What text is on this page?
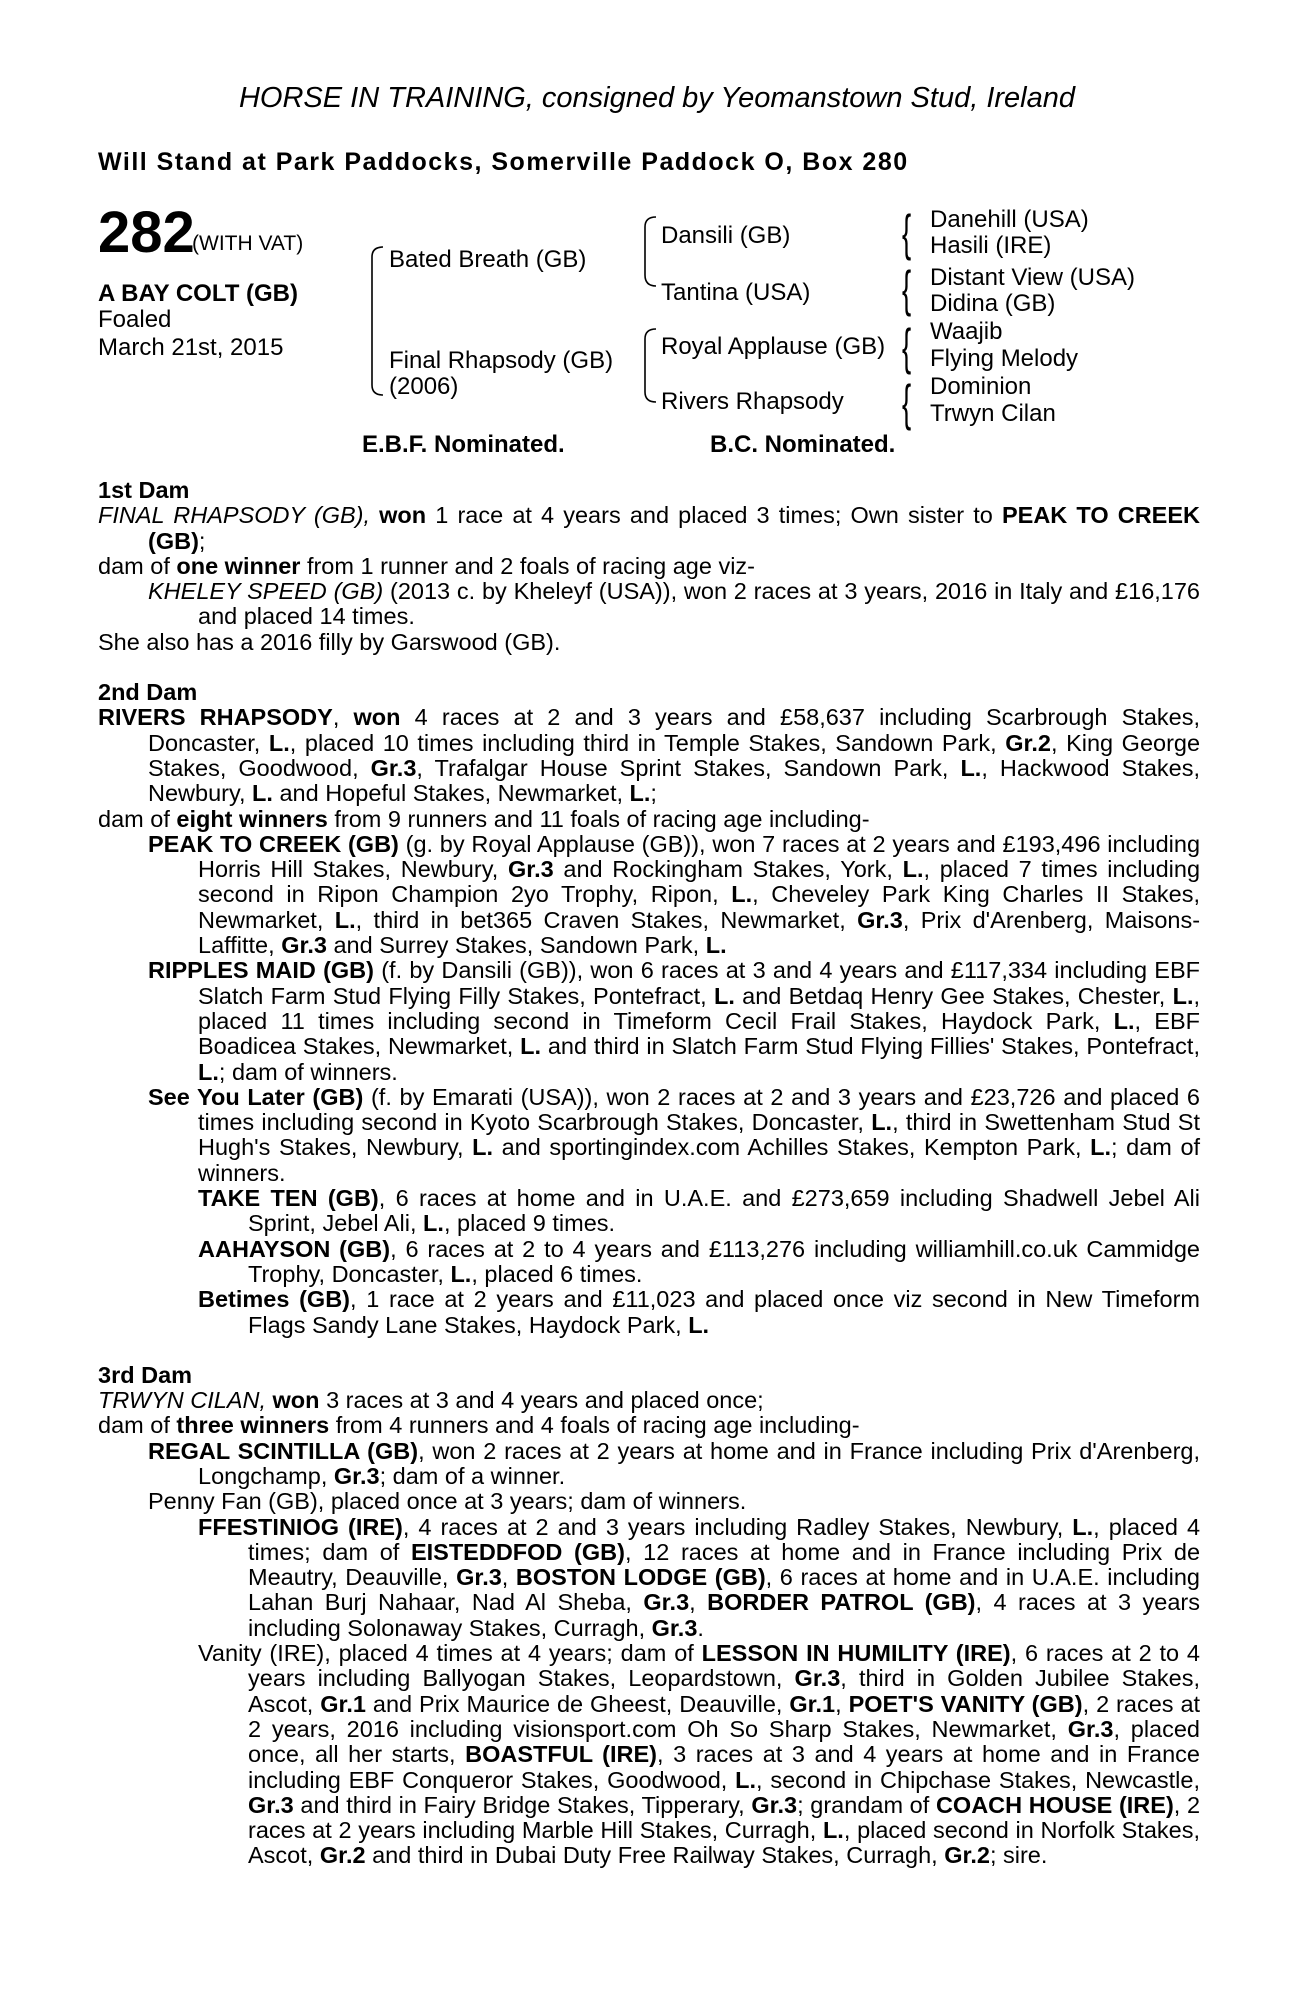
HORSE IN TRAINING, consigned by Yeomanstown Stud, Ireland
Will Stand at Park Paddocks, Somerville Paddock O, Box 280
282
(WITH VAT)
A BAY COLT (GB)
Foaled
March 21st, 2015
Bated Breath (GB)
Final Rhapsody (GB)
(2006)
Dansili (GB)
Tantina (USA)
Royal Applause (GB)
Rivers Rhapsody
{
{
{
{
Danehill (USA)
Hasili (IRE)
Distant View (USA)
Didina (GB)
Waajib
Flying Melody
Dominion
Trwyn Cilan
E.B.F. Nominated.	B.C. Nominated.

1st Dam

FINAL RHAPSODY (GB), won 1 race at 4 years and placed 3 times; Own sister to PEAK TO CREEK (GB);

dam of one winner from 1 runner and 2 foals of racing age viz-

KHELEY SPEED (GB) (2013 c. by Kheleyf (USA)), won 2 races at 3 years, 2016 in Italy and £16,176 and placed 14 times.

She also has a 2016 filly by Garswood (GB).

2nd Dam

RIVERS RHAPSODY, won 4 races at 2 and 3 years and £58,637 including Scarbrough Stakes, Doncaster, L., placed 10 times including third in Temple Stakes, Sandown Park, Gr.2, King George Stakes, Goodwood, Gr.3, Trafalgar House Sprint Stakes, Sandown Park, L., Hackwood Stakes, Newbury, L. and Hopeful Stakes, Newmarket, L.;

dam of eight winners from 9 runners and 11 foals of racing age including-

PEAK TO CREEK (GB) (g. by Royal Applause (GB)), won 7 races at 2 years and £193,496 including Horris Hill Stakes, Newbury, Gr.3 and Rockingham Stakes, York, L., placed 7 times including second in Ripon Champion 2yo Trophy, Ripon, L., Cheveley Park King Charles II Stakes, Newmarket, L., third in bet365 Craven Stakes, Newmarket, Gr.3, Prix d'Arenberg, Maisons-Laffitte, Gr.3 and Surrey Stakes, Sandown Park, L.

RIPPLES MAID (GB) (f. by Dansili (GB)), won 6 races at 3 and 4 years and £117,334 including EBF Slatch Farm Stud Flying Filly Stakes, Pontefract, L. and Betdaq Henry Gee Stakes, Chester, L., placed 11 times including second in Timeform Cecil Frail Stakes, Haydock Park, L., EBF Boadicea Stakes, Newmarket, L. and third in Slatch Farm Stud Flying Fillies' Stakes, Pontefract, L.; dam of winners.

See You Later (GB) (f. by Emarati (USA)), won 2 races at 2 and 3 years and £23,726 and placed 6 times including second in Kyoto Scarbrough Stakes, Doncaster, L., third in Swettenham Stud St Hugh's Stakes, Newbury, L. and sportingindex.com Achilles Stakes, Kempton Park, L.; dam of winners.

TAKE TEN (GB), 6 races at home and in U.A.E. and £273,659 including Shadwell Jebel Ali Sprint, Jebel Ali, L., placed 9 times.

AAHAYSON (GB), 6 races at 2 to 4 years and £113,276 including williamhill.co.uk Cammidge Trophy, Doncaster, L., placed 6 times.

Betimes (GB), 1 race at 2 years and £11,023 and placed once viz second in New Timeform Flags Sandy Lane Stakes, Haydock Park, L.

3rd Dam

TRWYN CILAN, won 3 races at 3 and 4 years and placed once;

dam of three winners from 4 runners and 4 foals of racing age including-

REGAL SCINTILLA (GB), won 2 races at 2 years at home and in France including Prix d'Arenberg, Longchamp, Gr.3; dam of a winner.

Penny Fan (GB), placed once at 3 years; dam of winners.

FFESTINIOG (IRE), 4 races at 2 and 3 years including Radley Stakes, Newbury, L., placed 4 times; dam of EISTEDDFOD (GB), 12 races at home and in France including Prix de Meautry, Deauville, Gr.3, BOSTON LODGE (GB), 6 races at home and in U.A.E. including Lahan Burj Nahaar, Nad Al Sheba, Gr.3, BORDER PATROL (GB), 4 races at 3 years including Solonaway Stakes, Curragh, Gr.3.

Vanity (IRE), placed 4 times at 4 years; dam of LESSON IN HUMILITY (IRE), 6 races at 2 to 4 years including Ballyogan Stakes, Leopardstown, Gr.3, third in Golden Jubilee Stakes, Ascot, Gr.1 and Prix Maurice de Gheest, Deauville, Gr.1, POET'S VANITY (GB), 2 races at 2 years, 2016 including visionsport.com Oh So Sharp Stakes, Newmarket, Gr.3, placed once, all her starts, BOASTFUL (IRE), 3 races at 3 and 4 years at home and in France including EBF Conqueror Stakes, Goodwood, L., second in Chipchase Stakes, Newcastle, Gr.3 and third in Fairy Bridge Stakes, Tipperary, Gr.3; grandam of COACH HOUSE (IRE), 2 races at 2 years including Marble Hill Stakes, Curragh, L., placed second in Norfolk Stakes, Ascot, Gr.2 and third in Dubai Duty Free Railway Stakes, Curragh, Gr.2; sire.
